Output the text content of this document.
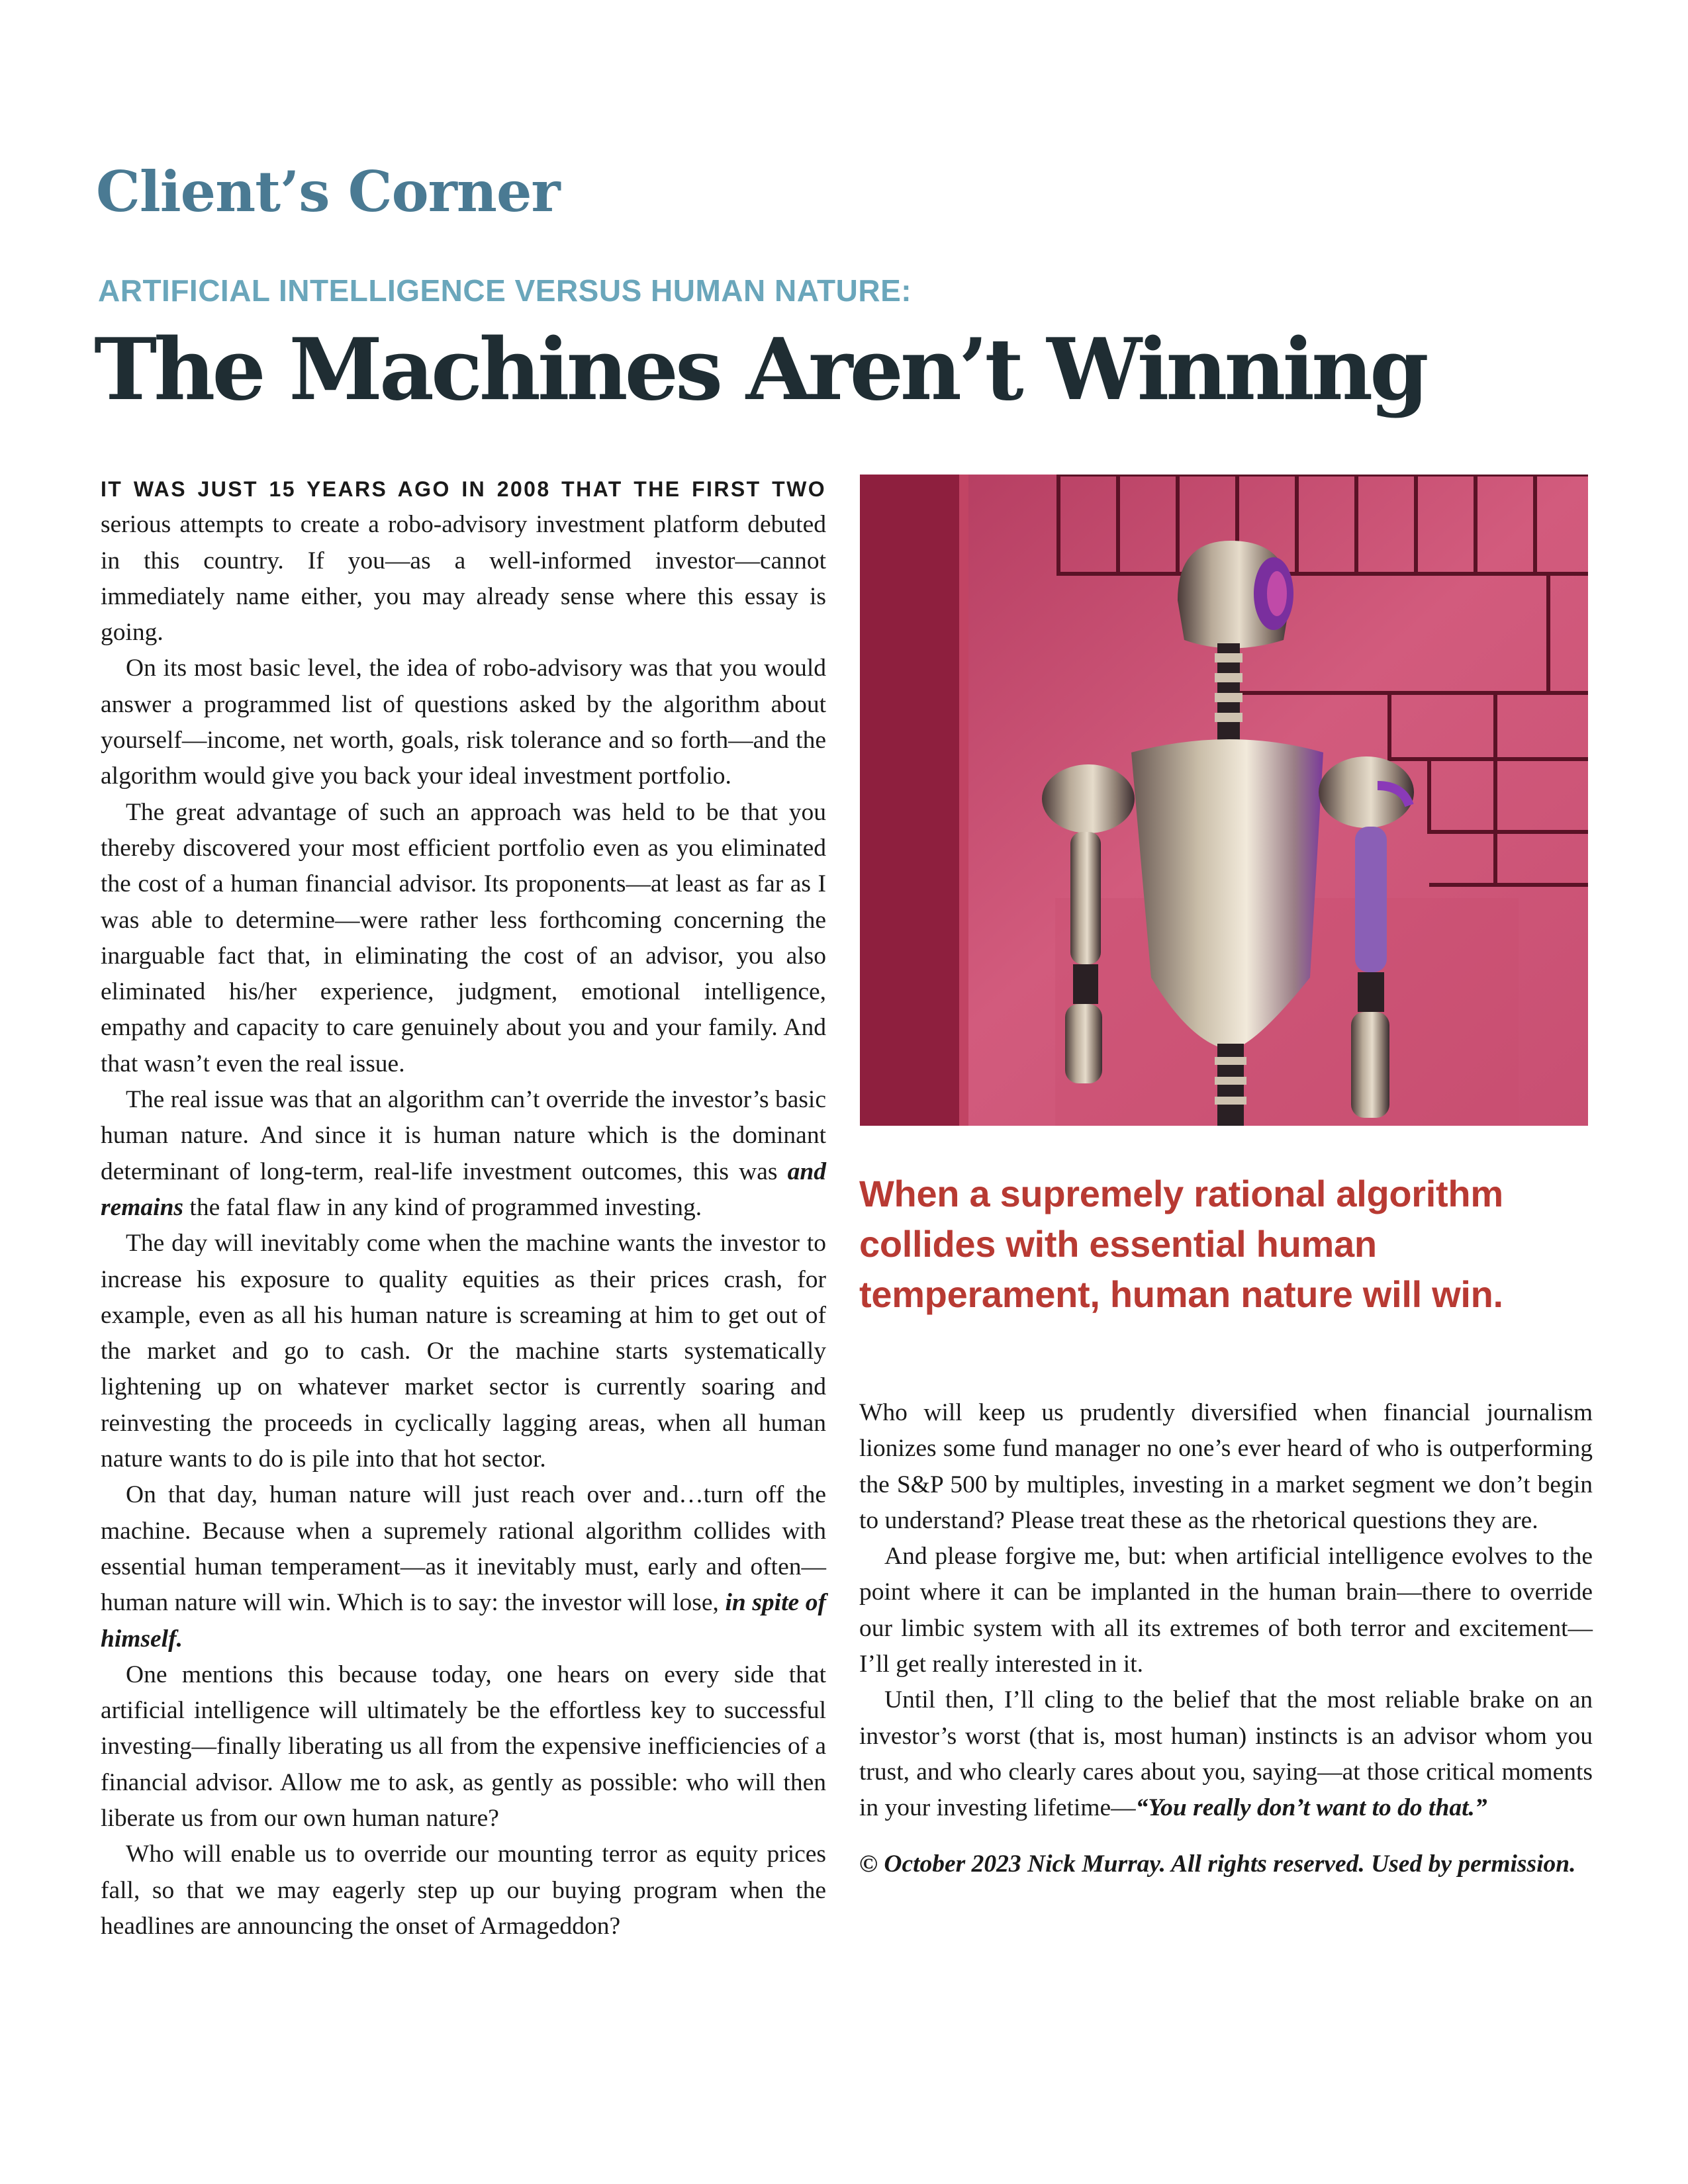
Client’s Corner
ARTIFICIAL INTELLIGENCE VERSUS HUMAN NATURE:
The Machines Aren’t Winning

IT WAS JUST 15 YEARS AGO IN 2008 THAT THE FIRST TWO serious attempts to create a robo-advisory investment platform debuted in this country. If you—as a well-informed investor—cannot immediately name either, you may already sense where this essay is going.

On its most basic level, the idea of robo-advisory was that you would answer a programmed list of questions asked by the algorithm about yourself—income, net worth, goals, risk tolerance and so forth—and the algorithm would give you back your ideal investment portfolio.

The great advantage of such an approach was held to be that you thereby discovered your most efficient portfolio even as you eliminated the cost of a human financial advisor. Its proponents—at least as far as I was able to determine—were rather less forthcoming concerning the inarguable fact that, in eliminating the cost of an advisor, you also eliminated his/her experience, judgment, emotional intelligence, empathy and capacity to care genuinely about you and your family. And that wasn’t even the real issue.

The real issue was that an algorithm can’t override the investor’s basic human nature. And since it is human nature which is the dominant determinant of long-term, real-life investment outcomes, this was and remains the fatal flaw in any kind of programmed investing.

The day will inevitably come when the machine wants the investor to increase his exposure to quality equities as their prices crash, for example, even as all his human nature is screaming at him to get out of the market and go to cash. Or the machine starts systematically lightening up on whatever market sector is currently soaring and reinvesting the proceeds in cyclically lagging areas, when all human nature wants to do is pile into that hot sector.

On that day, human nature will just reach over and…turn off the machine. Because when a supremely rational algorithm collides with essential human temperament—as it inevitably must, early and often—human nature will win. Which is to say: the investor will lose, in spite of himself.

One mentions this because today, one hears on every side that artificial intelligence will ultimately be the effortless key to successful investing—finally liberating us all from the expensive inefficiencies of a financial advisor. Allow me to ask, as gently as possible: who will then liberate us from our own human nature?

Who will enable us to override our mounting terror as equity prices fall, so that we may eagerly step up our buying program when the headlines are announcing the onset of Armageddon?

When a supremely rational algorithm collides with essential human temperament, human nature will win.

Who will keep us prudently diversified when financial journalism lionizes some fund manager no one’s ever heard of who is outperforming the S&P 500 by multiples, investing in a market segment we don’t begin to understand? Please treat these as the rhetorical questions they are.

And please forgive me, but: when artificial intelligence evolves to the point where it can be implanted in the human brain—there to override our limbic system with all its extremes of both terror and excitement—I’ll get really interested in it.

Until then, I’ll cling to the belief that the most reliable brake on an investor’s worst (that is, most human) instincts is an advisor whom you trust, and who clearly cares about you, saying—at those critical moments in your investing lifetime—“You really don’t want to do that.”

© October 2023 Nick Murray. All rights reserved. Used by permission.
